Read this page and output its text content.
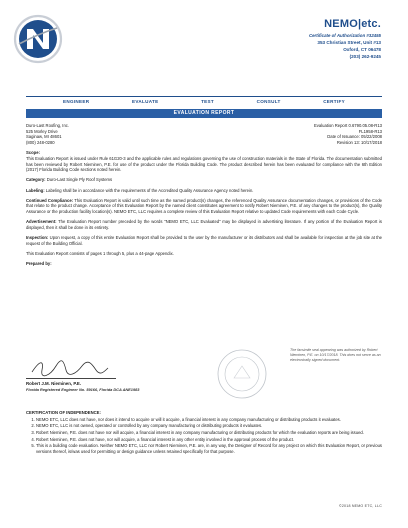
NEMO|etc.
Certificate of Authorization #32455
353 Christian Street, Unit #13
Oxford, CT 06478
(203) 262-9245
ENGINEER	EVALUATE	TEST	CONSULT	CERTIFY
EVALUATION REPORT
Duro-Last Roofing, Inc.
525 Morley Drive
Saginaw, MI 48601
(800) 248-0280
Evaluation Report 0.6790.05.08-R13
FL1958-R13
Date of Issuance: 05/22/2008
Revision 13: 10/17/2018

Scope:
This Evaluation Report is issued under Rule 61G20-3 and the applicable rules and regulations governing the use of construction materials in the State of Florida. The documentation submitted has been reviewed by Robert Nieminen, P.E. for use of the product under the Florida Building Code. The product described herein has been evaluated for compliance with the 6th Edition (2017) Florida Building Code sections noted herein.

Category: Duro-Last Single Ply Roof Systems

Labeling: Labeling shall be in accordance with the requirements of the Accredited Quality Assurance Agency noted herein.

Continued Compliance: This Evaluation Report is valid until such time as the named product(s) changes, the referenced Quality Assurance documentation changes, or provisions of the Code that relate to the product change. Acceptance of this Evaluation Report by the named client constitutes agreement to notify Robert Nieminen, P.E. of any changes to the product(s), the Quality Assurance or the production facility location(s). NEMO ETC, LLC requires a complete review of this Evaluation Report relative to updated Code requirements with each Code Cycle.

Advertisement: The Evaluation Report number preceded by the words "NEMO ETC, LLC Evaluated" may be displayed in advertising literature. If any portion of the Evaluation Report is displayed, then it shall be done in its entirety.

Inspection: Upon request, a copy of this entire Evaluation Report shall be provided to the user by the manufacturer or its distributors and shall be available for inspection at the job site at the request of the Building Official.

This Evaluation Report consists of pages 1 through 5, plus a 44-page Appendix.

Prepared by:

Robert J.M. Nieminen, P.E.
Florida Registered Engineer No. 59166, Florida DCA ANE1983
The facsimile seal appearing was authorized by Robert Nieminen, P.E. on 10/17/2018. This does not serve as an electronically signed document.
CERTIFICATION OF INDEPENDENCE:
1. NEMO ETC, LLC does not have, nor does it intend to acquire or will it acquire, a financial interest in any company manufacturing or distributing products it evaluates.
2. NEMO ETC, LLC is not owned, operated or controlled by any company manufacturing or distributing products it evaluates.
3. Robert Nieminen, P.E. does not have nor will acquire, a financial interest in any company manufacturing or distributing products for which the evaluation reports are being issued.
4. Robert Nieminen, P.E. does not have, nor will acquire, a financial interest in any other entity involved in the approval process of the product.
5. This is a building code evaluation. Neither NEMO ETC, LLC nor Robert Nieminen, P.E. are, in any way, the Designer of Record for any project on which this Evaluation Report, or previous versions thereof, is/was used for permitting or design guidance unless retained specifically for that purpose.
©2018 NEMO ETC, LLC
